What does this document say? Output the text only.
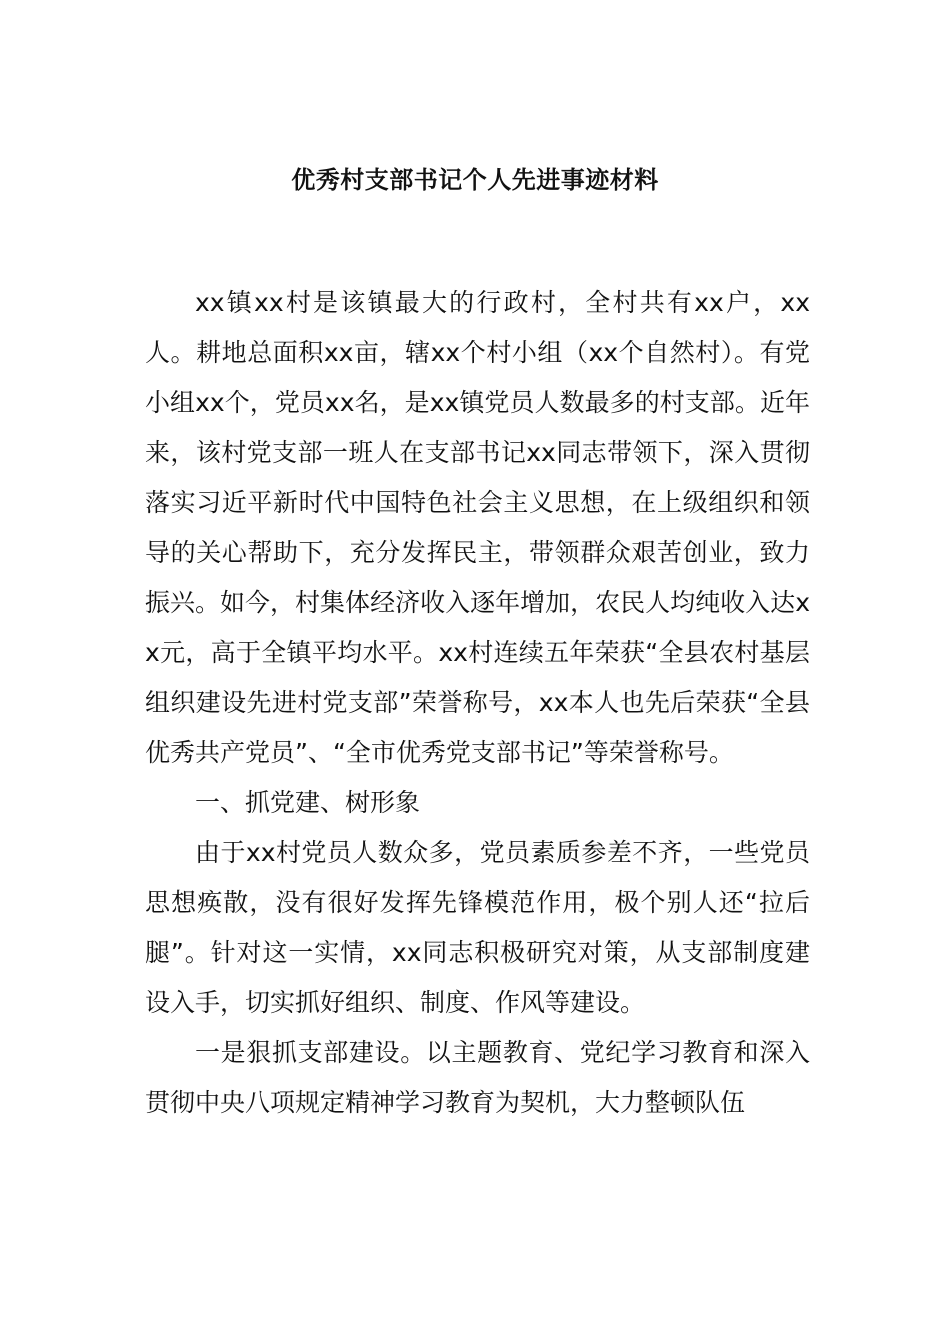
优秀村支部书记个人先进事迹材料

xx镇xx村是该镇最大的行政村，全村共有xx户，xx人。耕地总面积xx亩，辖xx个村小组（xx个自然村）。有党小组xx个，党员xx名，是xx镇党员人数最多的村支部。近年来，该村党支部一班人在支部书记xx同志带领下，深入贯彻落实习近平新时代中国特色社会主义思想，在上级组织和领导的关心帮助下，充分发挥民主，带领群众艰苦创业，致力振兴。如今，村集体经济收入逐年增加，农民人均纯收入达xx元，高于全镇平均水平。xx村连续五年荣获“全县农村基层组织建设先进村党支部”荣誉称号，xx本人也先后荣获“全县优秀共产党员”、“全市优秀党支部书记”等荣誉称号。

一、抓党建、树形象

由于xx村党员人数众多，党员素质参差不齐，一些党员思想痪散，没有很好发挥先锋模范作用，极个别人还“拉后腿”。针对这一实情，xx同志积极研究对策，从支部制度建设入手，切实抓好组织、制度、作风等建设。

一是狠抓支部建设。以主题教育、党纪学习教育和深入贯彻中央八项规定精神学习教育为契机，大力整顿队伍
